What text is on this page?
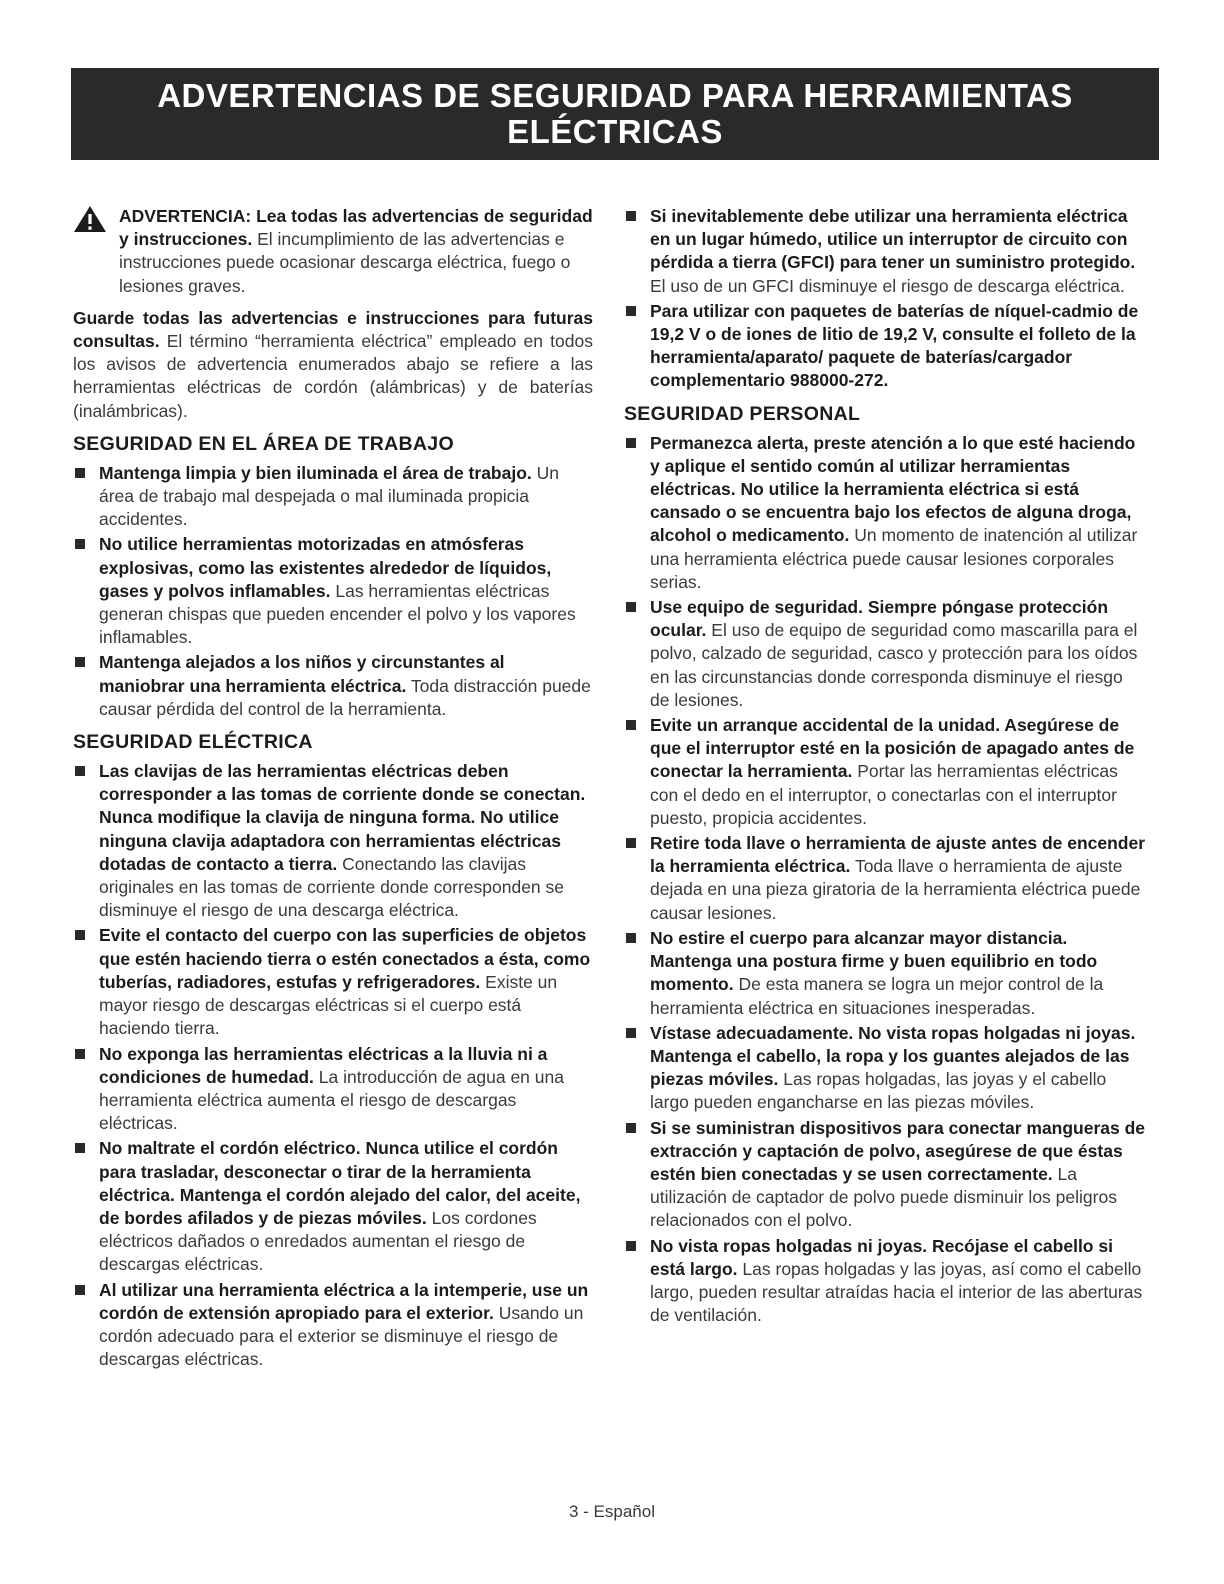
ADVERTENCIAS DE SEGURIDAD PARA HERRAMIENTAS
ELÉCTRICAS
ADVERTENCIA: Lea todas las advertencias de seguridad y instrucciones. El incumplimiento de las advertencias e instrucciones puede ocasionar descarga eléctrica, fuego o lesiones graves.

Guarde todas las advertencias e instrucciones para futuras consultas. El término “herramienta eléctrica” empleado en todos los avisos de advertencia enumerados abajo se refiere a las herramientas eléctricas de cordón (alámbricas) y de baterías (inalámbricas).

SEGURIDAD EN EL ÁREA DE TRABAJO
Mantenga limpia y bien iluminada el área de trabajo. Un área de trabajo mal despejada o mal iluminada propicia accidentes.
No utilice herramientas motorizadas en atmósferas explosivas, como las existentes alrededor de líquidos, gases y polvos inflamables. Las herramientas eléctricas generan chispas que pueden encender el polvo y los vapores inflamables.
Mantenga alejados a los niños y circunstantes al maniobrar una herramienta eléctrica. Toda distracción puede causar pérdida del control de la herramienta.
SEGURIDAD ELÉCTRICA
Las clavijas de las herramientas eléctricas deben corresponder a las tomas de corriente donde se conectan. Nunca modifique la clavija de ninguna forma. No utilice ninguna clavija adaptadora con herramientas eléctricas dotadas de contacto a tierra. Conectando las clavijas originales en las tomas de corriente donde corresponden se disminuye el riesgo de una descarga eléctrica.
Evite el contacto del cuerpo con las superficies de objetos que estén haciendo tierra o estén conectados a ésta, como tuberías, radiadores, estufas y refrigeradores. Existe un mayor riesgo de descargas eléctricas si el cuerpo está haciendo tierra.
No exponga las herramientas eléctricas a la lluvia ni a condiciones de humedad. La introducción de agua en una herramienta eléctrica aumenta el riesgo de descargas eléctricas.
No maltrate el cordón eléctrico. Nunca utilice el cordón para trasladar, desconectar o tirar de la herramienta eléctrica. Mantenga el cordón alejado del calor, del aceite, de bordes afilados y de piezas móviles. Los cordones eléctricos dañados o enredados aumentan el riesgo de descargas eléctricas.
Al utilizar una herramienta eléctrica a la intemperie, use un cordón de extensión apropiado para el exterior. Usando un cordón adecuado para el exterior se disminuye el riesgo de descargas eléctricas.
Si inevitablemente debe utilizar una herramienta eléctrica en un lugar húmedo, utilice un interruptor de circuito con pérdida a tierra (GFCI) para tener un suministro protegido. El uso de un GFCI disminuye el riesgo de descarga eléctrica.
Para utilizar con paquetes de baterías de níquel-cadmio de 19,2 V o de iones de litio de 19,2 V, consulte el folleto de la herramienta/aparato/ paquete de baterías/cargador complementario 988000-272.
SEGURIDAD PERSONAL
Permanezca alerta, preste atención a lo que esté haciendo y aplique el sentido común al utilizar herramientas eléctricas. No utilice la herramienta eléctrica si está cansado o se encuentra bajo los efectos de alguna droga, alcohol o medicamento. Un momento de inatención al utilizar una herramienta eléctrica puede causar lesiones corporales serias.
Use equipo de seguridad. Siempre póngase protección ocular. El uso de equipo de seguridad como mascarilla para el polvo, calzado de seguridad, casco y protección para los oídos en las circunstancias donde corresponda disminuye el riesgo de lesiones.
Evite un arranque accidental de la unidad. Asegúrese de que el interruptor esté en la posición de apagado antes de conectar la herramienta. Portar las herramientas eléctricas con el dedo en el interruptor, o conectarlas con el interruptor puesto, propicia accidentes.
Retire toda llave o herramienta de ajuste antes de encender la herramienta eléctrica. Toda llave o herramienta de ajuste dejada en una pieza giratoria de la herramienta eléctrica puede causar lesiones.
No estire el cuerpo para alcanzar mayor distancia. Mantenga una postura firme y buen equilibrio en todo momento. De esta manera se logra un mejor control de la herramienta eléctrica en situaciones inesperadas.
Vístase adecuadamente. No vista ropas holgadas ni joyas. Mantenga el cabello, la ropa y los guantes alejados de las piezas móviles. Las ropas holgadas, las joyas y el cabello largo pueden engancharse en las piezas móviles.
Si se suministran dispositivos para conectar mangueras de extracción y captación de polvo, asegúrese de que éstas estén bien conectadas y se usen correctamente. La utilización de captador de polvo puede disminuir los peligros relacionados con el polvo.
No vista ropas holgadas ni joyas. Recójase el cabello si está largo. Las ropas holgadas y las joyas, así como el cabello largo, pueden resultar atraídas hacia el interior de las aberturas de ventilación.
3 - Español
